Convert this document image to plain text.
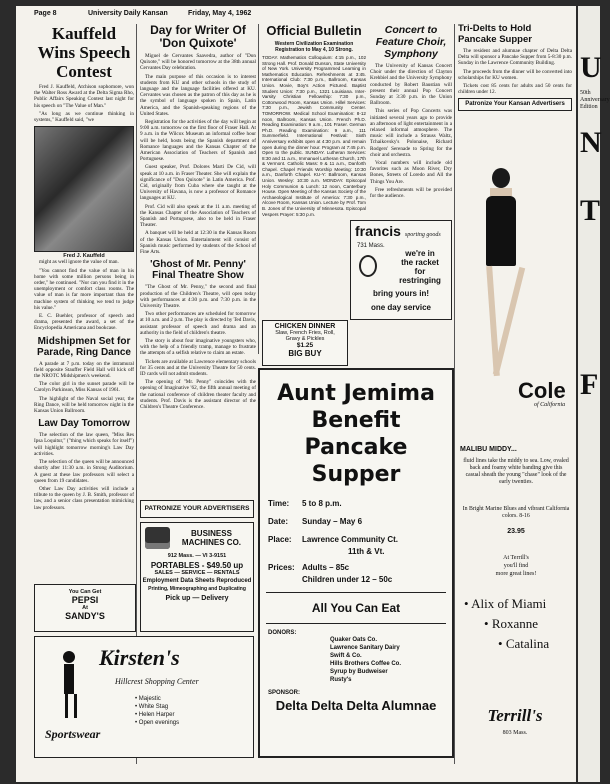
U
50th Anniversary Edition
N
T
F
Page 8	University Daily Kansan	Friday, May 4, 1962
Kauffeld Wins Speech Contest

Fred J. Kauffeld, Atchison sophomore, won the Walter Ross Award at the Delta Sigma Rho, Public Affairs Speaking Contest last night for his speech on "The Value of Man."

"As long as we continue thinking in systems," Kauffeld said, "we

Fred J. Kauffeld

might as well ignore the value of man.

"You cannot find the value of man in his home with some million persons being in order," he continued. "Nor can you find it in the unemployment or comfort class rooms. The value of man is far more important than the machine system of thinking we tend to judge his value."

E. C. Buehler, professor of speech and drama, presented the award, a set of the Encyclopedia Americana and bookcase.

Midshipmen Set for Parade, Ring Dance

A parade at 7 p.m. today on the intramural field opposite Stauffer Field Hall will kick off the NROTC Midshipmen's weekend.

The color girl in the sunset parade will be Carolyn Parkinson, Miss Kansas of 1961.

The highlight of the Naval social year, the Ring Dance, will be held tomorrow night in the Kansas Union Ballroom.

Law Day Tomorrow

The selection of the law queen, "Miss Res Ipsa Loquitur," ("thing which speaks for itself") will highlight tomorrow morning's Law Day activities.

The selection of the queen will be announced shortly after 11:30 a.m. in Strong Auditorium. A guest at these law professors will select a queen from 19 candidates.

Other Law Day activities will include a tribute to the queen by J. B. Smith, professor of law, and a senior class presentation mimicking law professors.

Day for Writer Of 'Don Quixote'

Miguel de Cervantes Saavedra, author of "Don Quixote," will be honored tomorrow at the 38th annual Cervantes Day celebration.

The main purpose of this occasion is to interest students from KU and other schools in the study of language and the language facilities offered at KU. Cervantes was chosen as the patron of this day as he is the symbol of language spoken in Spain, Latin America, and the Spanish-speaking regions of the United States.

Registration for the activities of the day will begin at 9:00 a.m. tomorrow on the first floor of Fraser Hall. At 9 a.m. in the Wilcox Museum an informal coffee hour will be held, hosts being the Spanish department of Romance languages and the Kansas Chapter of the American Association of Teachers of Spanish and Portuguese.

Guest speaker, Prof. Dolores Marti De Cid, will speak at 10 a.m. in Fraser Theater. She will explain the significance of "Don Quixote" in Latin America. Prof. Cid, originally from Cuba where she taught at the University of Havana, is now a professor of Romance languages at KU.

Prof. Cid will also speak at the 11 a.m. meeting of the Kansas Chapter of the Association of Teachers of Spanish and Portuguese, also to be held in Fraser Theater.

A banquet will be held at 12:30 in the Kansas Room of the Kansas Union. Entertainment will consist of Spanish music performed by students of the School of Fine Arts.

'Ghost of Mr. Penny' Final Theatre Show

"The Ghost of Mr. Penny," the second and final production of the Children's Theatre, will open today with performances at 4:30 p.m. and 7:30 p.m. in the University Theatre.

Two other performances are scheduled for tomorrow at 10 a.m. and 2 p.m. The play is directed by Ted Davis, assistant professor of speech and drama and an authority in the field of children's theatre.

The story is about four imaginative youngsters who, with the help of a friendly tramp, manage to frustrate the attempts of a selfish relative to claim an estate.

Tickets are available at Lawrence elementary schools for 35 cents and at the University Theatre for 50 cents. ID cards will not admit students.

The opening of "Mr. Penny" coincides with the opening of Imaginative '62, the fifth annual meeting of the national conference of children theater faculty and students. Prof. Davis is the assistant director of the Children's Theatre Conference.

PATRONIZE YOUR ADVERTISERS
BUSINESS MACHINES CO.
912 Mass. — VI 3-9151
PORTABLES - $49.50 up
SALES — SERVICE — RENTALS
Employment Data Sheets Reproduced
Printing, Mimeographing and Duplicating
Pick up — Delivery
You Can Get
PEPSI
At
SANDY'S

Kirsten's
Sportswear
Hillcrest Shopping Center
• Majestic
• White Stag
• Helen Harper
• Open evenings
Official Bulletin
Western Civilization Examination Registration to May 4, 10 Strong.
TODAY. Mathematics Colloquium: 4:15 p.m., 102 Strong Hall. Prof. Donald Dunson, State University of New York. University Programmed Learning in Mathematics Education. Refreshments at 3:45. International Club: 7:30 p.m., Ballroom, Kansas Union. Movie, Boy's Action Pictured. Baptist Student Union: 7:30 p.m., 1321 Louisiana. Inter-Varsity Christian Fellowship: 7:30 p.m., Cottonwood Room, Kansas Union. Hillel Services: 7:30 p.m., Jewish Community Center. TOMORROW. Medical School Examination: 8-12 noon, Ballroom, Kansas Union. French Ph.D. Reading Examination: 9 a.m., 101 Fraser. German Ph.D. Reading Examination: 9 a.m., 111 Summerfield. International Festival: Sixth Anniversary exhibits open at 4:30 p.m. and remain open during the dinner hour. Program at 7:45 p.m. Open to the public. SUNDAY. Lutheran Services: 8:30 and 11 a.m., Immanuel Lutheran Church, 17th & Vermont. Catholic Mass: 9 & 11 a.m., Danforth Chapel. Chapel Friends Worship Meeting: 10:30 a.m., Danforth Chapel. KU-Y: Ballroom, Kansas Union. Wesley: 10:30 a.m. MONDAY. Episcopal Holy Communion & Lunch: 12 noon, Canterbury House. Open Meeting of the Kansas Society of the Archaeological Institute of America: 7:30 p.m., Alcove Room, Kansas Union. Lecture by Prof. Tom B. Jones of the University of Minnesota. Episcopal Vespers Prayer: 5:30 p.m.
Concert to Feature Choir, Symphony

The University of Kansas Concert Choir under the direction of Clayton Krehbiel and the University Symphony conducted by Robert Baustian will present their annual Pop Concert Sunday at 3:30 p.m. in the Union Ballroom.

This series of Pop Concerts was initiated several years ago to provide an afternoon of light entertainment in a relaxed informal atmosphere. The music will include a Strauss Waltz, Tchaikovsky's Polonaise, Richard Rodgers' Serenade to Spring for the choir and orchestra.

Vocal numbers will include old favorites such as Moon River, Dry Bones, Streets of Loredo and All the Things You Are.

Free refreshments will be provided for the audience.

francis sporting goods
731 Mass.
we're in
the racket
for
restringing
bring yours in!
one day service
CHICKEN DINNER
Slaw, French Fries, Roll,
Gravy & Pickles
$1.25
BIG BUY
Aunt Jemima
Benefit
Pancake Supper
Time: 5 to 8 p.m.
Date: Sunday – May 6
Place: Lawrence Community Ct.
11th & Vt.
Prices: Adults – 85c
Children under 12 – 50c
All You Can Eat
DONORS:
Quaker Oats Co.
Lawrence Sanitary Dairy
Swift & Co.
Hills Brothers Coffee Co.
Syrup by Budweiser
Rusty's
SPONSOR:
Delta Delta Delta Alumnae
Tri-Delts to Hold Pancake Supper

The resident and alumnae chapter of Delta Delta Delta will sponsor a Pancake Supper from 5-8:30 p.m. Sunday in the Lawrence Community Building.

The proceeds from the dinner will be converted into scholarships for KU women.

Tickets cost 85 cents for adults and 50 cents for children under 12.

Patronize Your Kansan Advertisers

Cole
of California
MALIBU MIDDY...
fluid lines take the middy to sea. Low, ovaled back and foamy white banding give this casual sheath the young "chase" look of the early twenties.
In Bright Marine Blues and vibrant California colors. 8-16
23.95
At Terrill's
you'll find
more great lines!
• Alix of Miami
• Roxanne
• Catalina
Terrill's
803 Mass.
